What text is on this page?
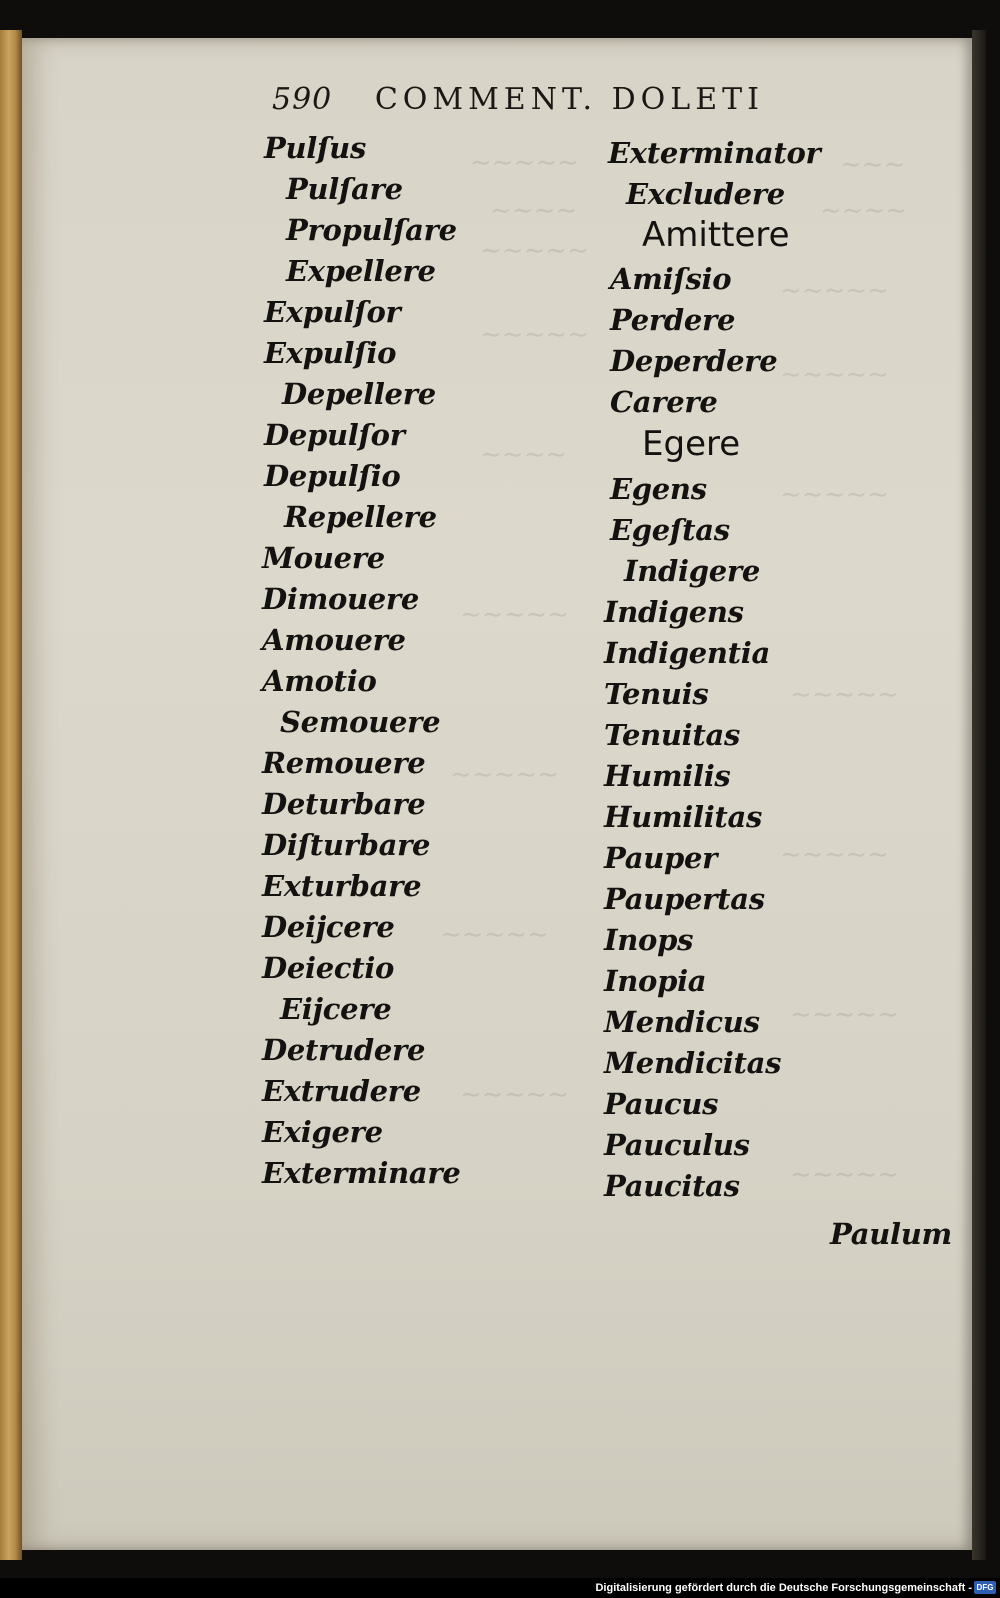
∼∼∼
∼∼∼∼
∼∼∼∼∼
∼∼∼∼
∼∼∼∼∼
∼∼∼∼∼
∼∼∼∼∼
∼∼∼∼∼
∼∼∼∼
∼∼∼∼∼
∼∼∼∼∼
∼∼∼∼∼
∼∼∼∼∼
∼∼∼∼∼
∼∼∼∼∼
∼∼∼∼∼
∼∼∼∼∼
∼∼∼∼∼
590 COMMENT. DOLETI
Pulſus
Pulſare
Propulſare
Expellere
Expulſor
Expulſio
Depellere
Depulſor
Depulſio
Repellere
Mouere
Dimouere
Amouere
Amotio
Semouere
Remouere
Deturbare
Diſturbare
Exturbare
Deijcere
Deiectio
Eijcere
Detrudere
Extrudere
Exigere
Exterminare
Exterminator
Excludere
Amittere
Amiſsio
Perdere
Deperdere
Carere
Egere
Egens
Egeſtas
Indigere
Indigens
Indigentia
Tenuis
Tenuitas
Humilis
Humilitas
Pauper
Paupertas
Inops
Inopia
Mendicus
Mendicitas
Paucus
Pauculus
Paucitas
Paulum
Digitalisierung gefördert durch die Deutsche Forschungsgemeinschaft - DFG
